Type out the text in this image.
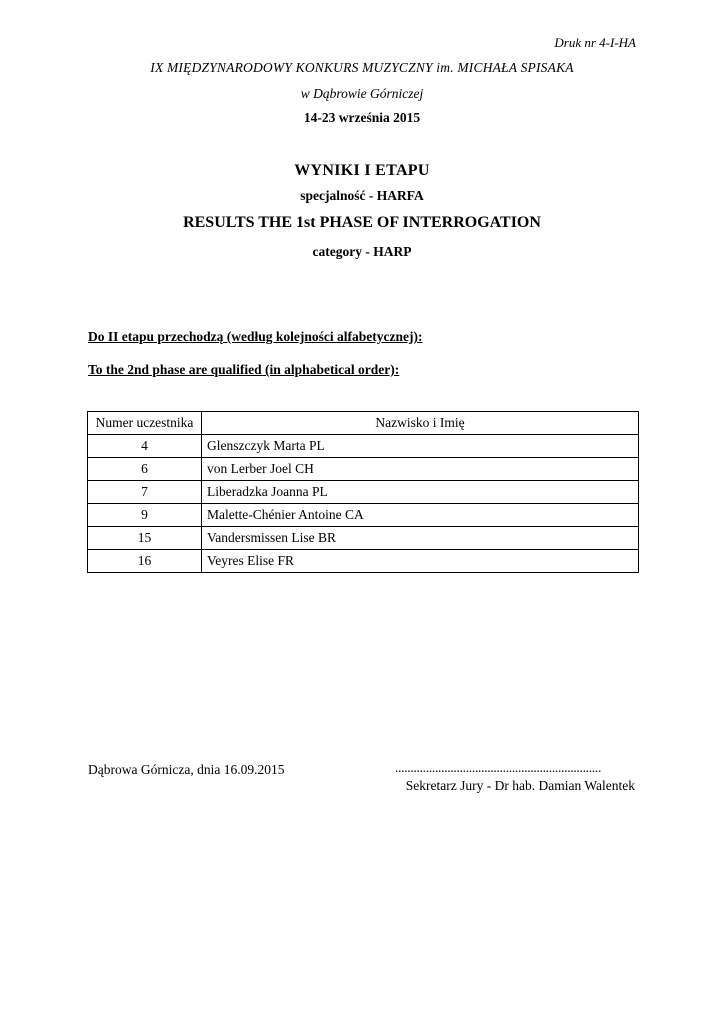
Druk nr 4-I-HA
IX MIĘDZYNARODOWY KONKURS MUZYCZNY im. MICHAŁA SPISAKA
w Dąbrowie Górniczej
14-23 września 2015
WYNIKI I ETAPU
specjalność - HARFA
RESULTS THE 1st PHASE OF INTERROGATION
category - HARP
Do II etapu przechodzą (według kolejności alfabetycznej):
To the 2nd phase are qualified (in alphabetical order):
Numer uczestnika	Nazwisko i Imię
4	Glenszczyk Marta PL
6	von Lerber Joel CH
7	Liberadzka Joanna PL
9	Malette-Chénier Antoine CA
15	Vandersmissen Lise BR
16	Veyres Elise FR
Dąbrowa Górnicza, dnia 16.09.2015	...................................................................
Sekretarz Jury - Dr hab. Damian Walentek
